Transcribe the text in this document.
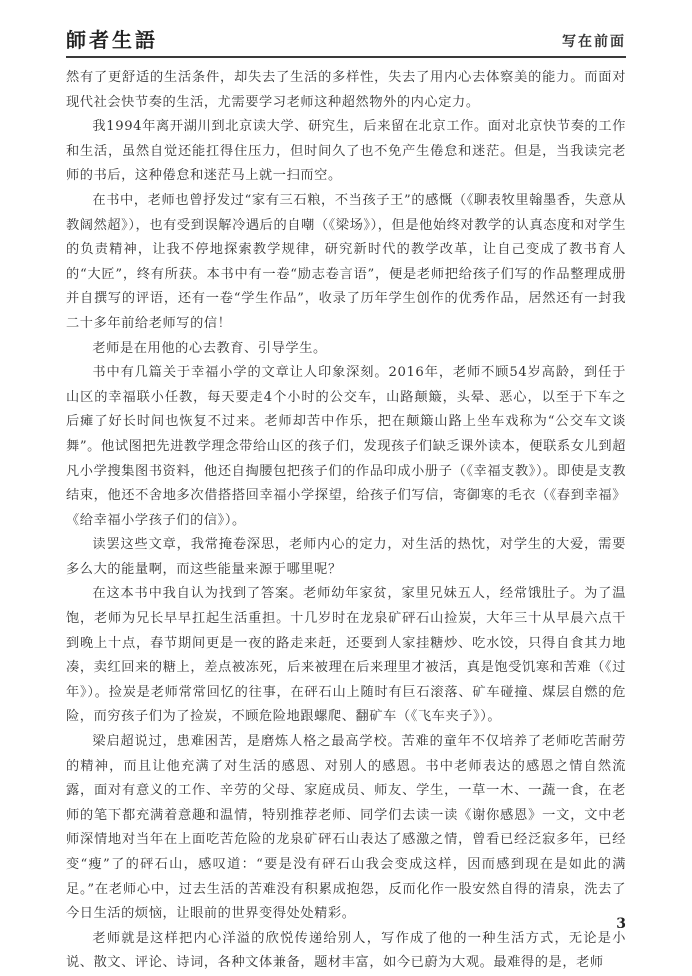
師者生語	写在前面

然有了更舒适的生活条件，却失去了生活的多样性，失去了用内心去体察美的能力。而面对现代社会快节奏的生活，尤需要学习老师这种超然物外的内心定力。

我1994年离开湖川到北京读大学、研究生，后来留在北京工作。面对北京快节奏的工作和生活，虽然自觉还能扛得住压力，但时间久了也不免产生倦怠和迷茫。但是，当我读完老师的书后，这种倦怠和迷茫马上就一扫而空。

在书中，老师也曾抒发过“家有三石粮，不当孩子王”的感慨（《聊表牧里翰墨香，失意从教阔然超》），也有受到误解冷遇后的自嘲（《梁场》），但是他始终对教学的认真态度和对学生的负责精神，让我不停地探索教学规律，研究新时代的教学改革，让自己变成了教书育人的“大匠”，终有所获。本书中有一卷“励志卷言语”，便是老师把给孩子们写的作品整理成册并自撰写的评语，还有一卷“学生作品”，收录了历年学生创作的优秀作品，居然还有一封我二十多年前给老师写的信！

老师是在用他的心去教育、引导学生。

书中有几篇关于幸福小学的文章让人印象深刻。2016年，老师不顾54岁高龄，到任于山区的幸福联小任教，每天要走4个小时的公交车，山路颠簸，头晕、恶心，以至于下车之后瘫了好长时间也恢复不过来。老师却苦中作乐，把在颠簸山路上坐车戏称为“公交车文谈舞”。他试图把先进教学理念带给山区的孩子们，发现孩子们缺乏课外读本，便联系女儿到超凡小学搜集图书资料，他还自掏腰包把孩子们的作品印成小册子（《幸福支教》）。即使是支教结束，他还不舍地多次借搭搭回幸福小学探望，给孩子们写信，寄御寒的毛衣（《春到幸福》《给幸福小学孩子们的信》）。

读罢这些文章，我常掩卷深思，老师内心的定力，对生活的热忱，对学生的大爱，需要多么大的能量啊，而这些能量来源于哪里呢？

在这本书中我自认为找到了答案。老师幼年家贫，家里兄妹五人，经常饿肚子。为了温饱，老师为兄长早早扛起生活重担。十几岁时在龙泉矿砰石山捡炭，大年三十从早晨六点干到晚上十点，春节期间更是一夜的路走来赶，还要到人家挂糖炒、吃水饺，只得自食其力地凑，卖红回来的糖上，差点被冻死，后来被理在后来理里才被活，真是饱受饥寒和苦难（《过年》）。捡炭是老师常常回忆的往事，在砰石山上随时有巨石滚落、矿车碰撞、煤层自燃的危险，而穷孩子们为了捡炭，不顾危险地跟螺爬、翻矿车（《飞车夹子》）。

梁启超说过，患难困苦，是磨炼人格之最高学校。苦难的童年不仅培养了老师吃苦耐劳的精神，而且让他充满了对生活的感恩、对别人的感恩。书中老师表达的感恩之情自然流露，面对有意义的工作、辛劳的父母、家庭成员、师友、学生，一草一木、一蔬一食，在老师的笔下都充满着意趣和温情，特别推荐老师、同学们去读一读《谢你感恩》一文，文中老师深情地对当年在上面吃苦危险的龙泉矿砰石山表达了感激之情，曾看已经泛寂多年，已经变“瘦”了的砰石山，感叹道：“要是没有砰石山我会变成这样，因而感到现在是如此的满足。”在老师心中，过去生活的苦难没有积累成抱怨，反而化作一股安然自得的清泉，洗去了今日生活的烦恼，让眼前的世界变得处处精彩。

老师就是这样把内心洋溢的欣悦传递给别人，写作成了他的一种生活方式，无论是小说、散文、评论、诗词，各种文体兼备，题材丰富，如今已蔚为大观。最难得的是，老师

3
